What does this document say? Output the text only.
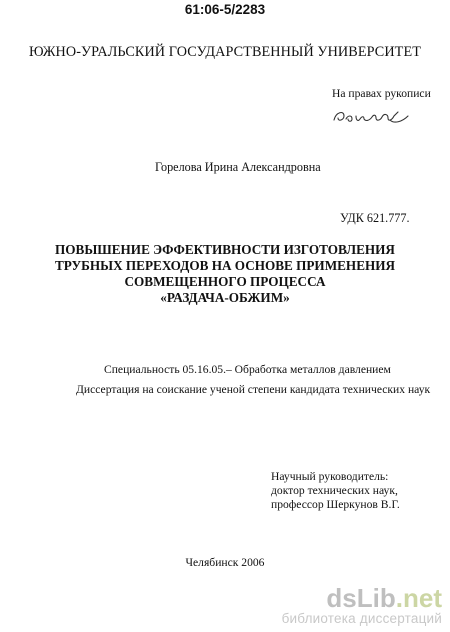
61:06-5/2283
ЮЖНО-УРАЛЬСКИЙ ГОСУДАРСТВЕННЫЙ УНИВЕРСИТЕТ
На правах рукописи
Горелова Ирина Александровна
УДК 621.777.
ПОВЫШЕНИЕ ЭФФЕКТИВНОСТИ ИЗГОТОВЛЕНИЯ
ТРУБНЫХ ПЕРЕХОДОВ НА ОСНОВЕ ПРИМЕНЕНИЯ
СОВМЕЩЕННОГО ПРОЦЕССА
«РАЗДАЧА-ОБЖИМ»
Специальность 05.16.05.– Обработка металлов давлением
Диссертация на соискание ученой степени кандидата технических наук
Научный руководитель:
доктор технических наук,
профессор Шеркунов В.Г.
Челябинск 2006
dsLib.net
библиотека диссертаций
